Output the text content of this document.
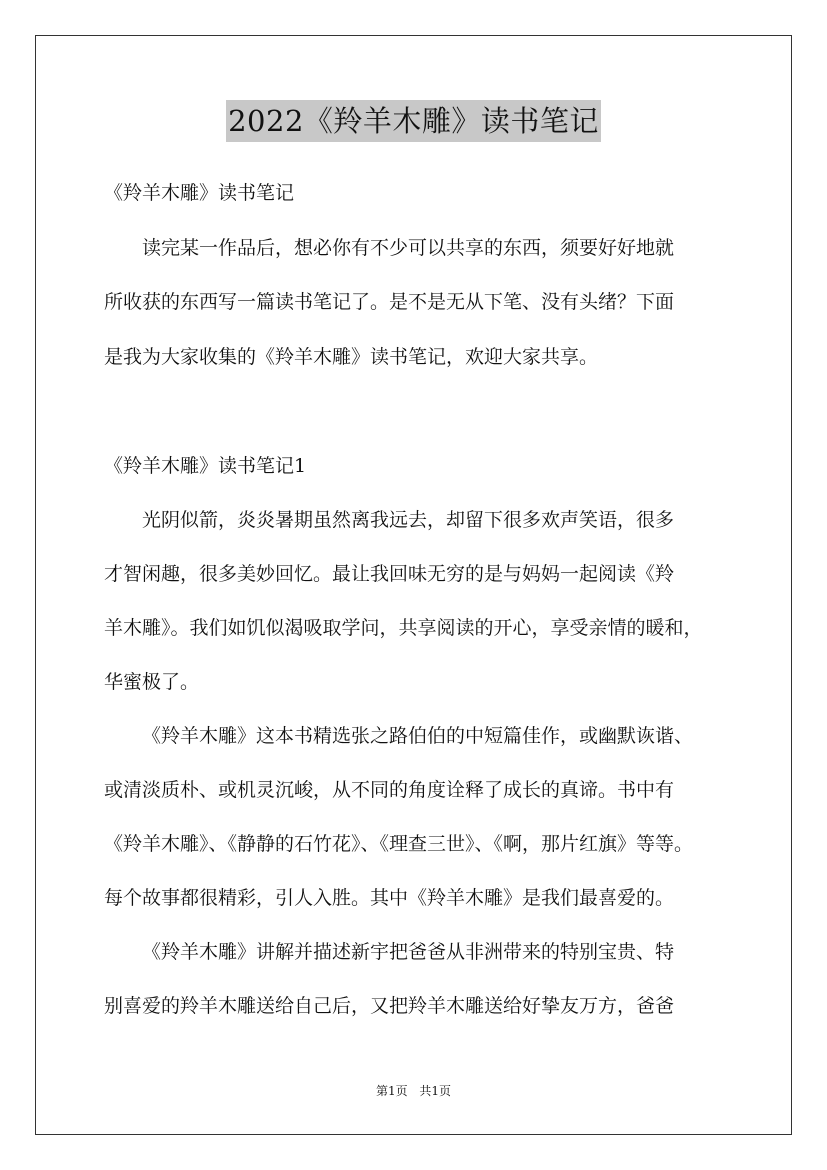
2022《羚羊木雕》读书笔记
《羚羊木雕》读书笔记
读完某一作品后，想必你有不少可以共享的东西，须要好好地就
所收获的东西写一篇读书笔记了。是不是无从下笔、没有头绪？下面
是我为大家收集的《羚羊木雕》读书笔记，欢迎大家共享。
《羚羊木雕》读书笔记1
光阴似箭，炎炎暑期虽然离我远去，却留下很多欢声笑语，很多
才智闲趣，很多美妙回忆。最让我回味无穷的是与妈妈一起阅读《羚
羊木雕》。我们如饥似渴吸取学问，共享阅读的开心，享受亲情的暖和，
华蜜极了。
《羚羊木雕》这本书精选张之路伯伯的中短篇佳作，或幽默诙谐、
或清淡质朴、或机灵沉峻，从不同的角度诠释了成长的真谛。书中有
《羚羊木雕》、《静静的石竹花》、《理查三世》、《啊，那片红旗》等等。
每个故事都很精彩，引人入胜。其中《羚羊木雕》是我们最喜爱的。
《羚羊木雕》讲解并描述新宇把爸爸从非洲带来的特别宝贵、特
别喜爱的羚羊木雕送给自己后，又把羚羊木雕送给好挚友万方，爸爸
第1页 共1页
